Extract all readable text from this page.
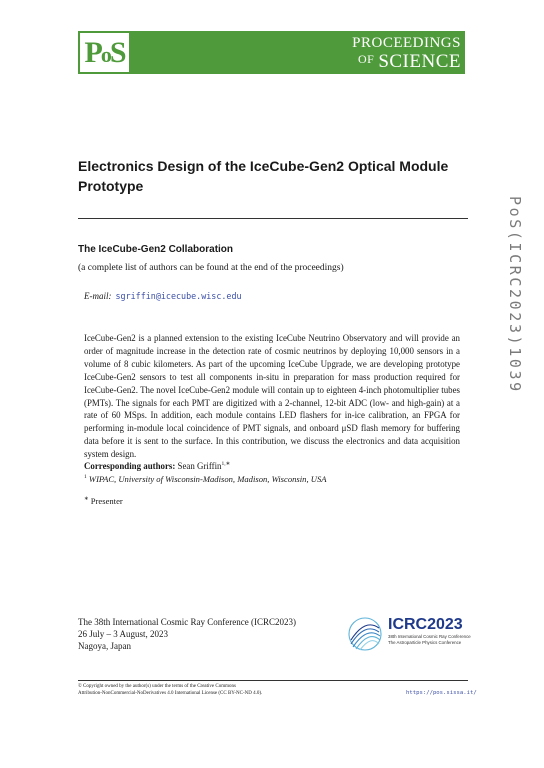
PoS	PROCEEDINGS
$^{OF}$ SCIENCE
Electronics Design of the IceCube-Gen2 Optical Module Prototype
PoS(ICRC2023)1039
The IceCube-Gen2 Collaboration
(a complete list of authors can be found at the end of the proceedings)
E-mail: sgriffin@icecube.wisc.edu
IceCube-Gen2 is a planned extension to the existing IceCube Neutrino Observatory and will provide an order of magnitude increase in the detection rate of cosmic neutrinos by deploying 10,000 sensors in a volume of 8 cubic kilometers. As part of the upcoming IceCube Upgrade, we are developing prototype IceCube-Gen2 sensors to test all components in-situ in preparation for mass production required for IceCube-Gen2. The novel IceCube-Gen2 module will contain up to eighteen 4-inch photomultiplier tubes (PMTs). The signals for each PMT are digitized with a 2-channel, 12-bit ADC (low- and high-gain) at a rate of 60 MSps. In addition, each module contains LED flashers for in-ice calibration, an FPGA for performing in-module local coincidence of PMT signals, and onboard μSD flash memory for buffering data before it is sent to the surface. In this contribution, we discuss the electronics and data acquisition system design.
Corresponding authors: Sean Griffin$^{1,∗}$
$^1$ WIPAC, University of Wisconsin-Madison, Madison, Wisconsin, USA
∗ Presenter
The 38th International Cosmic Ray Conference (ICRC2023)
26 July – 3 August, 2023
Nagoya, Japan
ICRC2023
38th International Cosmic Ray Conference
The Astroparticle Physics Conference
© Copyright owned by the author(s) under the terms of the Creative Commons
Attribution-NonCommercial-NoDerivatives 4.0 International License (CC BY-NC-ND 4.0).	https://pos.sissa.it/
